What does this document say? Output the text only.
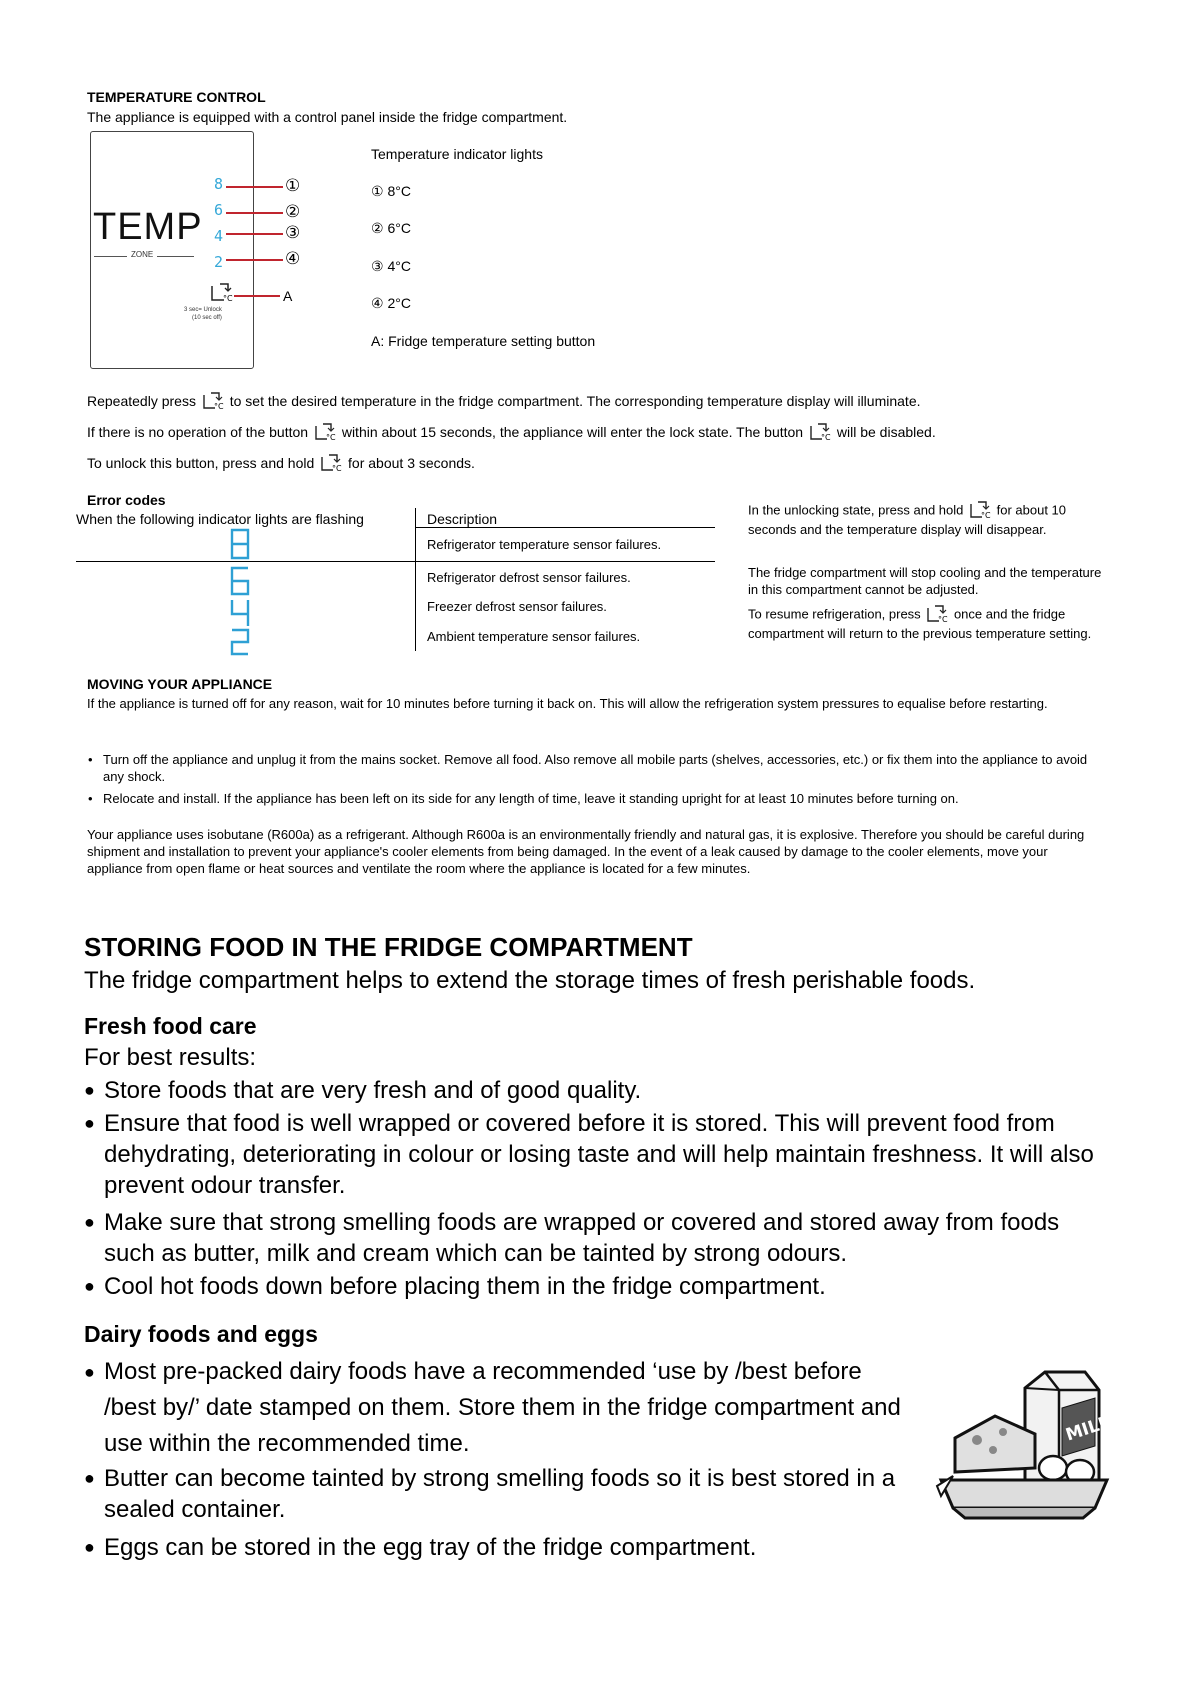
TEMPERATURE CONTROL
The appliance is equipped with a control panel inside the fridge compartment.
TEMP
ZONE
8
6
4
2
°C
3 sec= Unlock
(10 sec off)
①
②
③
④
A
Temperature indicator lights
① 8°C
② 6°C
③ 4°C
④ 2°C
A: Fridge temperature setting button
Repeatedly press °C to set the desired temperature in the fridge compartment. The corresponding temperature display will illuminate.
If there is no operation of the button °C within about 15 seconds, the appliance will enter the lock state. The button °C will be disabled.
To unlock this button, press and hold °C for about 3 seconds.
Error codes
When the following indicator lights are flashing	Description
Refrigerator temperature sensor failures.
Refrigerator defrost sensor failures.
Freezer defrost sensor failures.
Ambient temperature sensor failures.
In the unlocking state, press and hold °C for about 10 seconds and the temperature display will disappear.
The fridge compartment will stop cooling and the temperature in this compartment cannot be adjusted.
To resume refrigeration, press °C once and the fridge compartment will return to the previous temperature setting.
MOVING YOUR APPLIANCE
If the appliance is turned off for any reason, wait for 10 minutes before turning it back on. This will allow the refrigeration system pressures to equalise before restarting.
• Turn off the appliance and unplug it from the mains socket. Remove all food. Also remove all mobile parts (shelves, accessories, etc.) or fix them into the appliance to avoid any shock.
• Relocate and install. If the appliance has been left on its side for any length of time, leave it standing upright for at least 10 minutes before turning on.
Your appliance uses isobutane (R600a) as a refrigerant. Although R600a is an environmentally friendly and natural gas, it is explosive. Therefore you should be careful during shipment and installation to prevent your appliance's cooler elements from being damaged. In the event of a leak caused by damage to the cooler elements, move your appliance from open flame or heat sources and ventilate the room where the appliance is located for a few minutes.
STORING FOOD IN THE FRIDGE COMPARTMENT
The fridge compartment helps to extend the storage times of fresh perishable foods.
Fresh food care
For best results:
● Store foods that are very fresh and of good quality.
● Ensure that food is well wrapped or covered before it is stored. This will prevent food from dehydrating, deteriorating in colour or losing taste and will help maintain freshness. It will also prevent odour transfer.
● Make sure that strong smelling foods are wrapped or covered and stored away from foods such as butter, milk and cream which can be tainted by strong odours.
● Cool hot foods down before placing them in the fridge compartment.
Dairy foods and eggs
● Most pre-packed dairy foods have a recommended ‘use by /best before /best by/’ date stamped on them. Store them in the fridge compartment and use within the recommended time.
● Butter can become tainted by strong smelling foods so it is best stored in a sealed container.
● Eggs can be stored in the egg tray of the fridge compartment.
MILK
